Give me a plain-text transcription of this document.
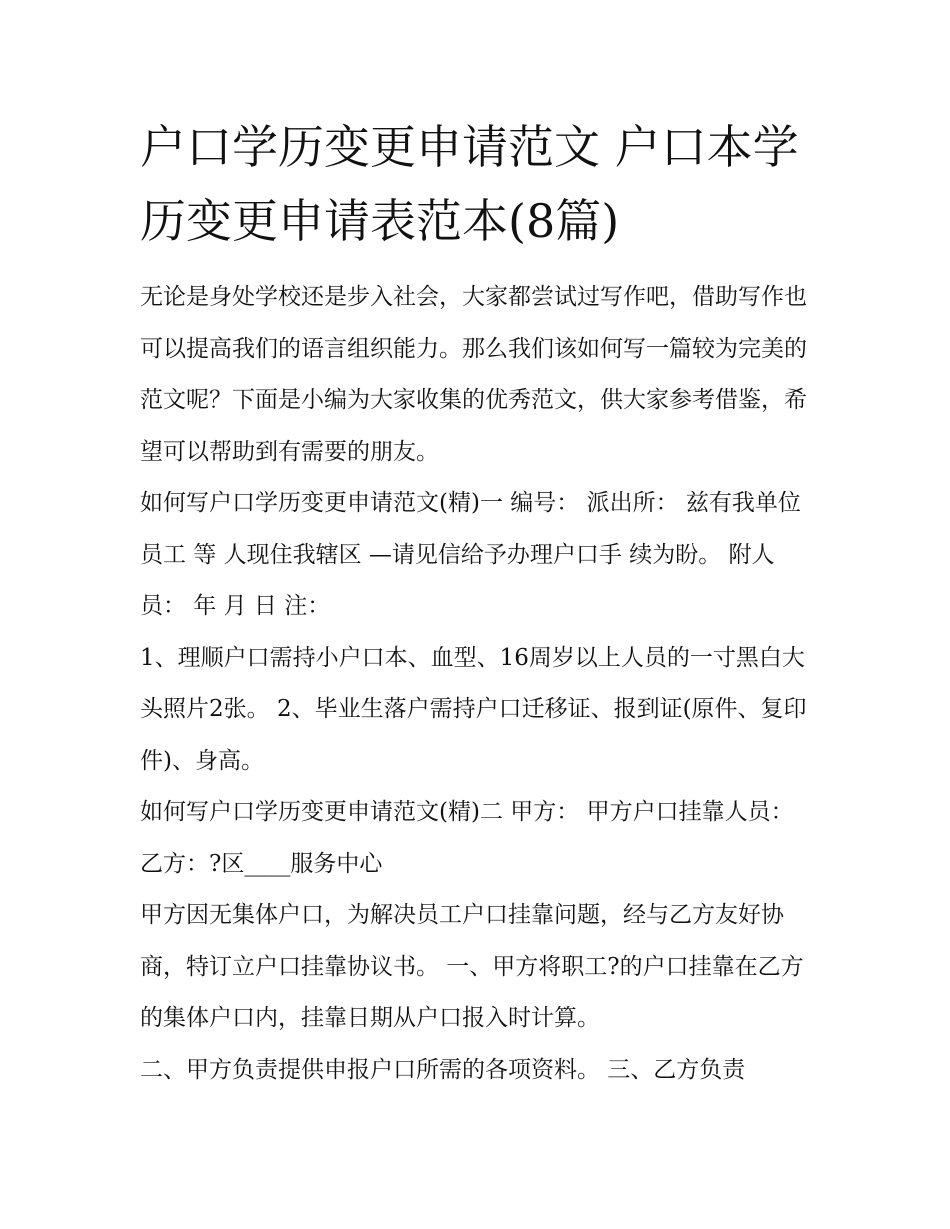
户口学历变更申请范文 户口本学历变更申请表范本(8篇)

无论是身处学校还是步入社会，大家都尝试过写作吧，借助写作也可以提高我们的语言组织能力。那么我们该如何写一篇较为完美的范文呢？下面是小编为大家收集的优秀范文，供大家参考借鉴，希望可以帮助到有需要的朋友。

如何写户口学历变更申请范文(精)一 编号： 派出所： 兹有我单位员工 等 人现住我辖区 —请见信给予办理户口手 续为盼。 附人员： 年 月 日 注：

1、理顺户口需持小户口本、血型、16周岁以上人员的一寸黑白大头照片2张。 2、毕业生落户需持户口迁移证、报到证(原件、复印件)、身高。

如何写户口学历变更申请范文(精)二 甲方： 甲方户口挂靠人员： 乙方：?区____服务中心

甲方因无集体户口，为解决员工户口挂靠问题，经与乙方友好协商，特订立户口挂靠协议书。 一、甲方将职工?的户口挂靠在乙方的集体户口内，挂靠日期从户口报入时计算。

二、甲方负责提供申报户口所需的各项资料。 三、乙方负责
